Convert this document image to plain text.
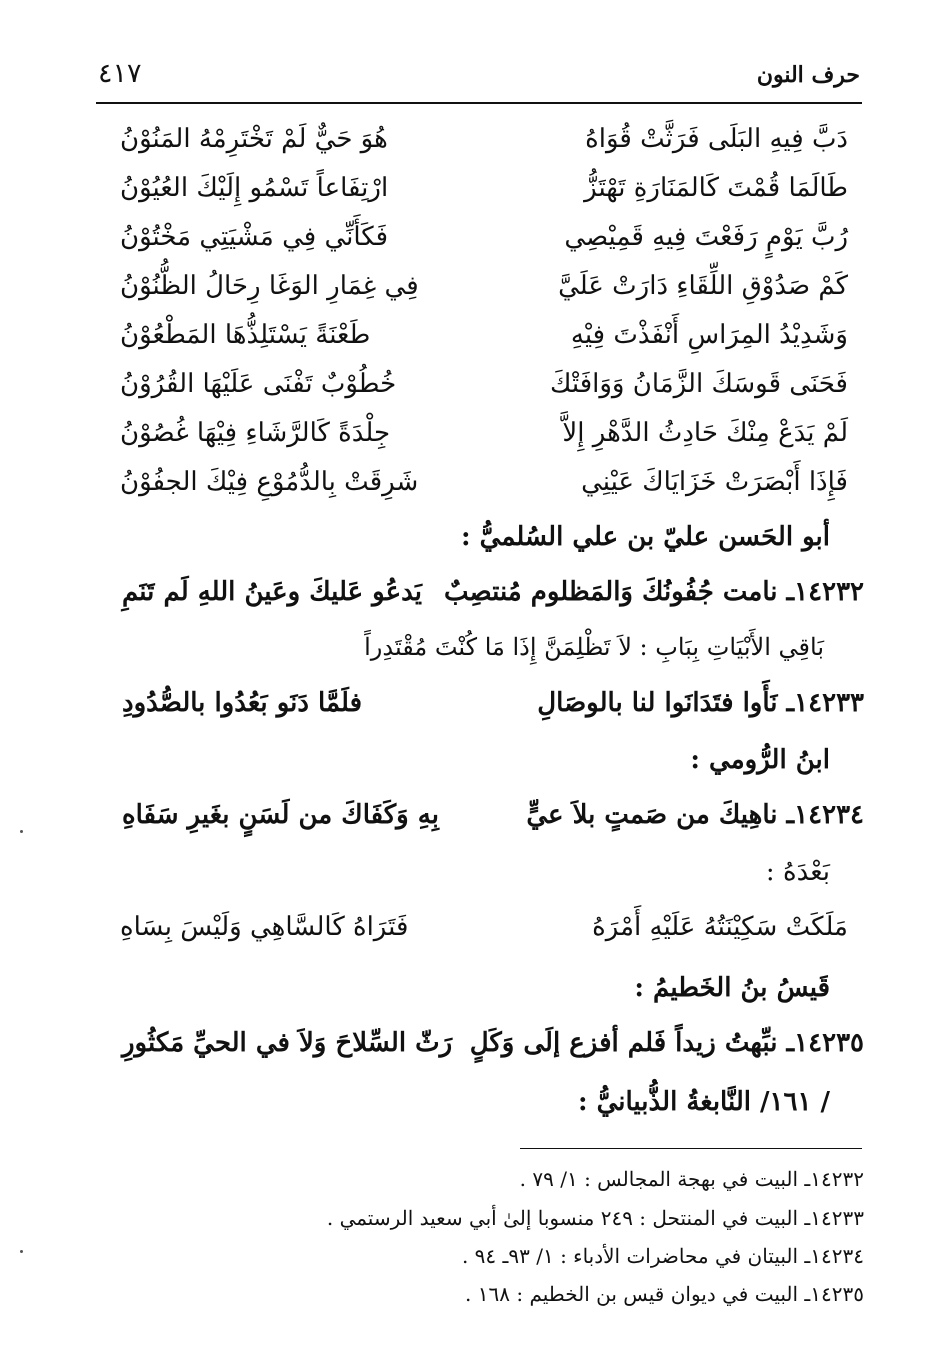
٤١٧	حرف النون
دَبَّ فِيهِ البَلَى فَرَثَّتْ قُوَاهُ
هُوَ حَيٌّ لَمْ تَخْتَرِمْهُ المَنُوْنُ
طَالَمَا قُمْتَ كَالمَنَارَةِ تَهْتَزُّ
ارْتِفَاعاً تَسْمُو إِلَيْكَ العُيُوْنُ
رُبَّ يَوْمٍ رَفَعْتَ فِيهِ قَمِيْصِي
فَكَأَنِّي فِي مَشْيَتِي مَخْتُوْنُ
كَمْ صَدُوْقِ اللِّقَاءِ دَارَتْ عَلَيَّ
فِي غِمَارِ الوَغَا رِحَالُ الظُّنُوْنُ
وَشَدِيْدُ المِرَاسِ أَنْفَذْتَ فِيْهِ
طَعْنَةً يَسْتَلِذُّهَا المَطْعُوْنُ
فَحَنَى قَوسَكَ الزَّمَانُ وَوَافَتْكَ
خُطُوْبٌ تَفْنَى عَلَيْهَا القُرُوْنُ
لَمْ يَدَعْ مِنْكَ حَادِثُ الدَّهْرِ إِلاَّ
جِلْدَةً كَالرَّشَاءِ فِيْهَا غُصُوْنُ
فَإِذَا أَبْصَرَتْ خَزَايَاكَ عَيْنِي
شَرِقَتْ بِالدُّمُوْعِ فِيْكَ الجفُوْنُ
أبو الحَسن عليّ بن علي السُلميُّ :
١٤٢٣٢ـ نامت جُفُونُكَ وَالمَظلوم مُنتصِبٌ
يَدعُو عَليكَ وعَينُ اللهِ لَم تَنَمِ
بَاقِي الأَبْيَاتِ بِبَابِ : لاَ تَظْلِمَنَّ إِذَا مَا كُنْتَ مُقْتَدِراً
١٤٢٣٣ـ نَأَوا فتَدَانَوا لنا بالوصَالِ
فلَمَّا دَنَو بَعُدُوا بالصُّدُودِ
ابنُ الرُّومي :
١٤٢٣٤ـ ناهِيكَ من صَمتٍ بلاَ عيٍّ
بِهِ وَكَفَاكَ من لَسَنٍ بغَيرِ سَفَاهِ
بَعْدَهُ :
مَلَكَتْ سَكِيْنَتُهُ عَلَيْهِ أَمْرَهُ
فَتَرَاهُ كَالسَّاهِي وَلَيْسَ بِسَاهِ
قَيسُ بنُ الخَطيمُ :
١٤٢٣٥ـ نبِّهتُ زيداً فَلم أفزع إلَى وَكَلٍ
رَثّ السِّلاحَ وَلاَ في الحيِّ مَكثُورِ
/ ١٦١/ النَّابغةُ الذُّبيانيُّ :
١٤٢٣٢ـ البيت في بهجة المجالس : ١/ ٧٩ .
١٤٢٣٣ـ البيت في المنتحل : ٢٤٩ منسوبا إلىٰ أبي سعيد الرستمي .
١٤٢٣٤ـ البيتان في محاضرات الأدباء : ١/ ٩٣ـ ٩٤ .
١٤٢٣٥ـ البيت في ديوان قيس بن الخطيم : ١٦٨ .
